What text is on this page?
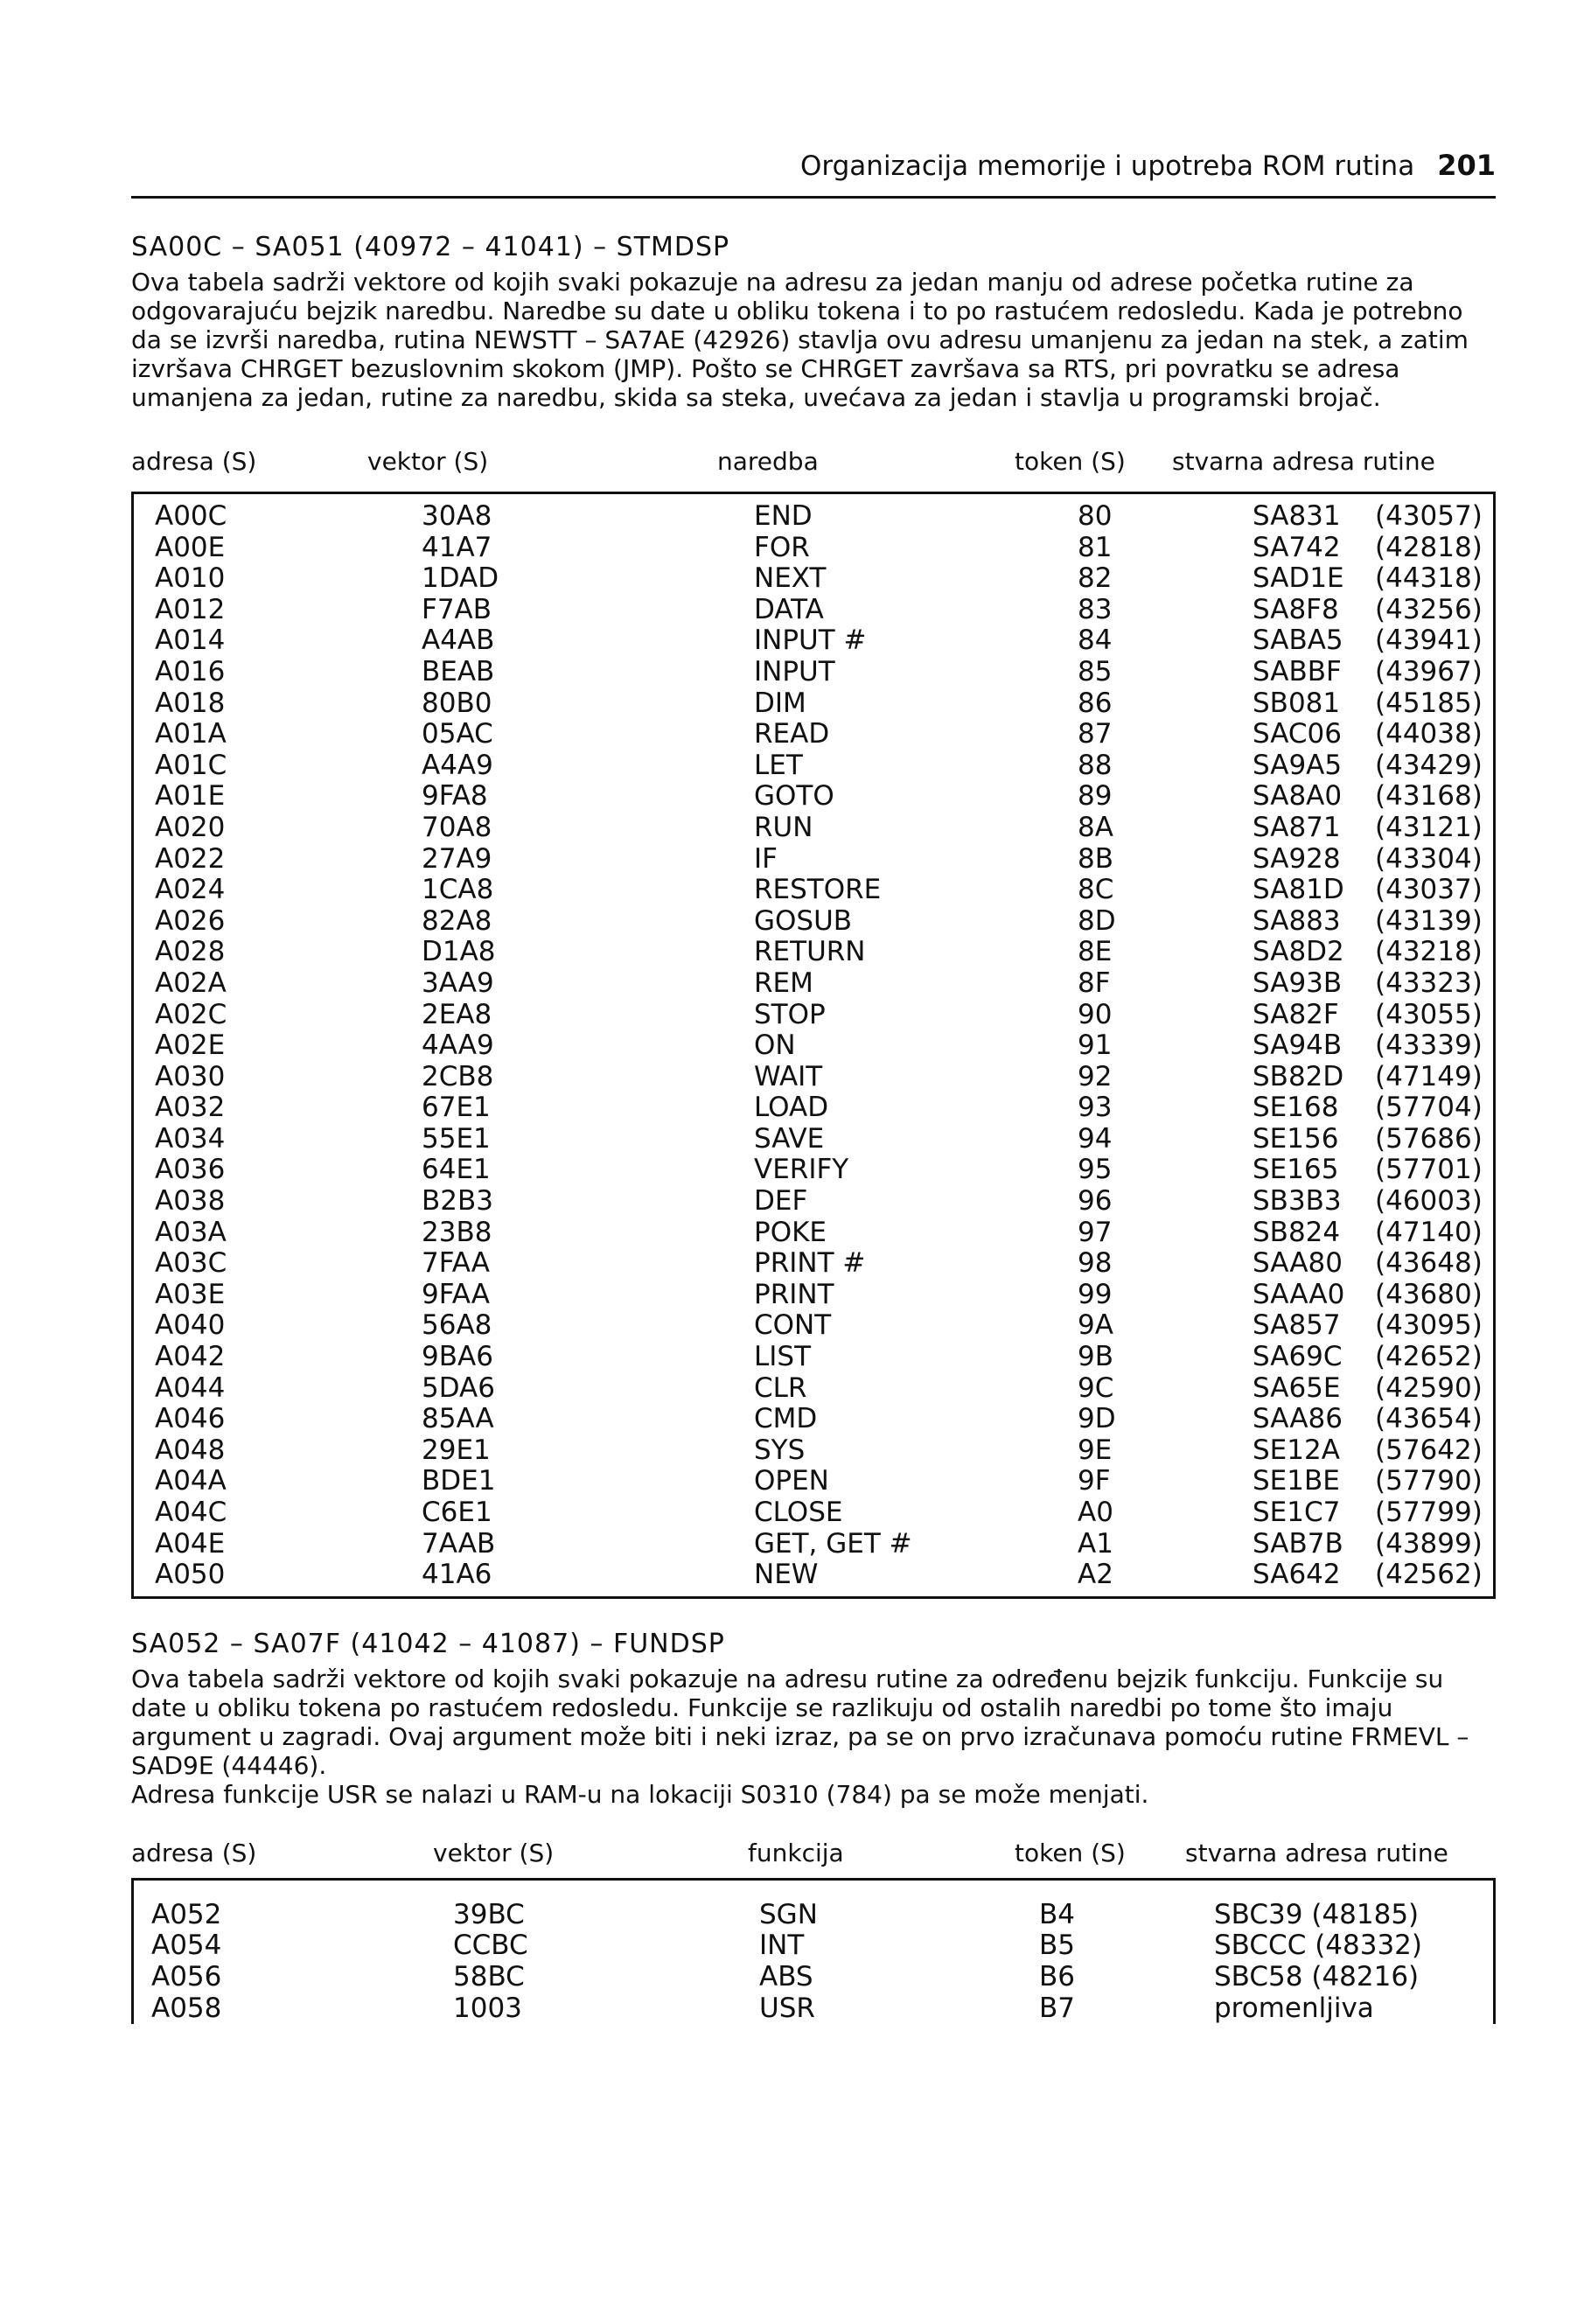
Organizacija memorije i upotreba ROM rutina 201
SA00C – SA051 (40972 – 41041) – STMDSP

Ova tabela sadrži vektore od kojih svaki pokazuje na adresu za jedan manju od adrese početka rutine za odgovarajuću bejzik naredbu. Naredbe su date u obliku tokena i to po rastućem redosledu. Kada je potrebno da se izvrši naredba, rutina NEWSTT – SA7AE (42926) stavlja ovu adresu umanjenu za jedan na stek, a zatim izvršava CHRGET bezuslovnim skokom (JMP). Pošto se CHRGET završava sa RTS, pri povratku se adresa umanjena za jedan, rutine za naredbu, skida sa steka, uvećava za jedan i stavlja u programski brojač.

adresa (S)	vektor (S)	naredba	token (S)	stvarna adresa rutine
A00C	30A8	END	80	SA831 (43057)
A00E	41A7	FOR	81	SA742 (42818)
A010	1DAD	NEXT	82	SAD1E (44318)
A012	F7AB	DATA	83	SA8F8 (43256)
A014	A4AB	INPUT #	84	SABA5 (43941)
A016	BEAB	INPUT	85	SABBF (43967)
A018	80B0	DIM	86	SB081 (45185)
A01A	05AC	READ	87	SAC06 (44038)
A01C	A4A9	LET	88	SA9A5 (43429)
A01E	9FA8	GOTO	89	SA8A0 (43168)
A020	70A8	RUN	8A	SA871 (43121)
A022	27A9	IF	8B	SA928 (43304)
A024	1CA8	RESTORE	8C	SA81D (43037)
A026	82A8	GOSUB	8D	SA883 (43139)
A028	D1A8	RETURN	8E	SA8D2 (43218)
A02A	3AA9	REM	8F	SA93B (43323)
A02C	2EA8	STOP	90	SA82F (43055)
A02E	4AA9	ON	91	SA94B (43339)
A030	2CB8	WAIT	92	SB82D (47149)
A032	67E1	LOAD	93	SE168 (57704)
A034	55E1	SAVE	94	SE156 (57686)
A036	64E1	VERIFY	95	SE165 (57701)
A038	B2B3	DEF	96	SB3B3 (46003)
A03A	23B8	POKE	97	SB824 (47140)
A03C	7FAA	PRINT #	98	SAA80 (43648)
A03E	9FAA	PRINT	99	SAAA0 (43680)
A040	56A8	CONT	9A	SA857 (43095)
A042	9BA6	LIST	9B	SA69C (42652)
A044	5DA6	CLR	9C	SA65E (42590)
A046	85AA	CMD	9D	SAA86 (43654)
A048	29E1	SYS	9E	SE12A (57642)
A04A	BDE1	OPEN	9F	SE1BE (57790)
A04C	C6E1	CLOSE	A0	SE1C7 (57799)
A04E	7AAB	GET, GET #	A1	SAB7B (43899)
A050	41A6	NEW	A2	SA642 (42562)
SA052 – SA07F (41042 – 41087) – FUNDSP

Ova tabela sadrži vektore od kojih svaki pokazuje na adresu rutine za određenu bejzik funkciju. Funkcije su date u obliku tokena po rastućem redosledu. Funkcije se razlikuju od ostalih naredbi po tome što imaju argument u zagradi. Ovaj argument može biti i neki izraz, pa se on prvo izračunava pomoću rutine FRMEVL – SAD9E (44446).

Adresa funkcije USR se nalazi u RAM-u na lokaciji S0310 (784) pa se može menjati.

adresa (S)	vektor (S)	funkcija	token (S)	stvarna adresa rutine
A052	39BC	SGN	B4	SBC39 (48185)
A054	CCBC	INT	B5	SBCCC (48332)
A056	58BC	ABS	B6	SBC58 (48216)
A058	1003	USR	B7	promenljiva
